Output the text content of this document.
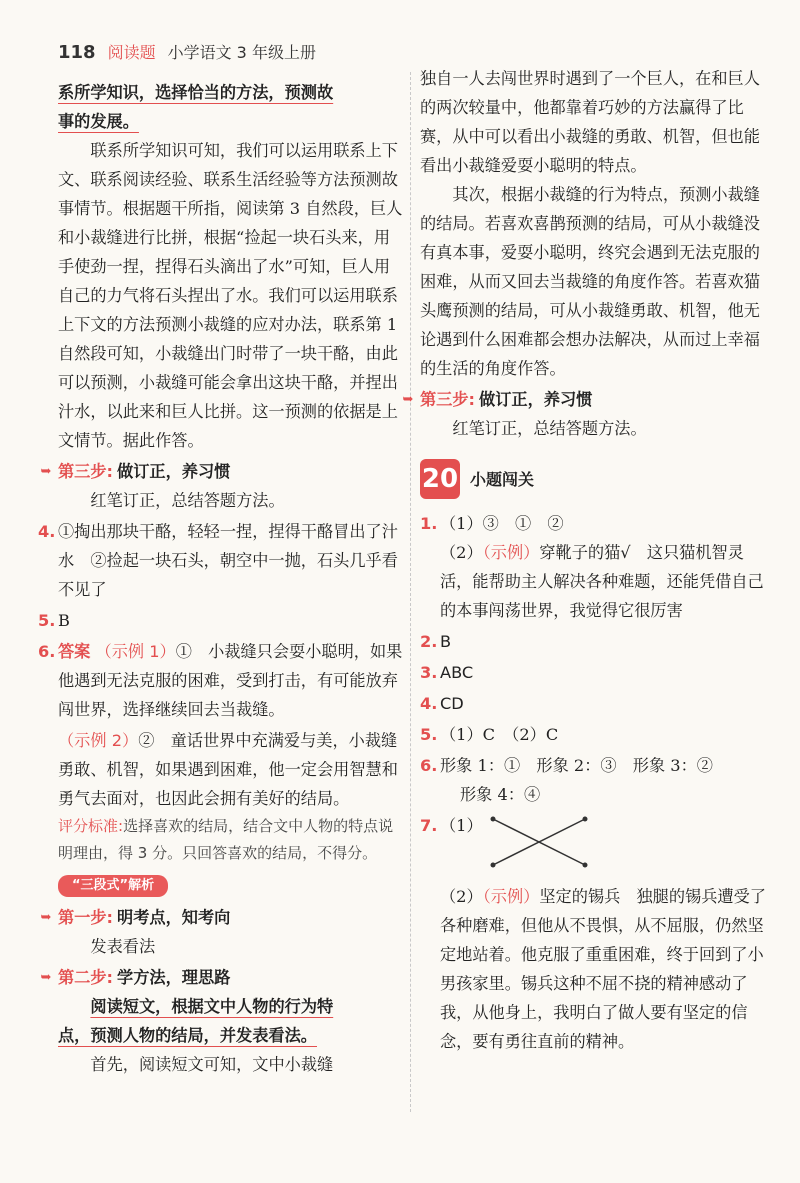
118 阅读题 小学语文 3 年级上册

系所学知识，选择恰当的方法，预测故

事的发展。

联系所学知识可知，我们可以运用联系上下文、联系阅读经验、联系生活经验等方法预测故事情节。根据题干所指，阅读第 3 自然段，巨人和小裁缝进行比拼，根据“捡起一块石头来，用手使劲一捏，捏得石头滴出了水”可知，巨人用自己的力气将石头捏出了水。我们可以运用联系上下文的方法预测小裁缝的应对办法，联系第 1 自然段可知，小裁缝出门时带了一块干酪，由此可以预测，小裁缝可能会拿出这块干酪，并捏出汁水，以此来和巨人比拼。这一预测的依据是上文情节。据此作答。

➥ 第三步: 做订正，养习惯

红笔订正，总结答题方法。

4. ①掏出那块干酪，轻轻一捏，捏得干酪冒出了汁水　②捡起一块石头，朝空中一抛，石头几乎看不见了

5. B

6. 答案 （示例 1）①　小裁缝只会耍小聪明，如果他遇到无法克服的困难，受到打击，有可能放弃闯世界，选择继续回去当裁缝。

（示例 2）②　童话世界中充满爱与美，小裁缝勇敢、机智，如果遇到困难，他一定会用智慧和勇气去面对，也因此会拥有美好的结局。

评分标准:选择喜欢的结局，结合文中人物的特点说明理由，得 3 分。只回答喜欢的结局，不得分。

“三段式”解析
➥ 第一步: 明考点，知考向

发表看法

➥ 第二步: 学方法，理思路

阅读短文，根据文中人物的行为特

点，预测人物的结局，并发表看法。

首先，阅读短文可知，文中小裁缝

独自一人去闯世界时遇到了一个巨人，在和巨人的两次较量中，他都靠着巧妙的方法赢得了比赛，从中可以看出小裁缝的勇敢、机智，但也能看出小裁缝爱耍小聪明的特点。

其次，根据小裁缝的行为特点，预测小裁缝的结局。若喜欢喜鹊预测的结局，可从小裁缝没有真本事，爱耍小聪明，终究会遇到无法克服的困难，从而又回去当裁缝的角度作答。若喜欢猫头鹰预测的结局，可从小裁缝勇敢、机智，他无论遇到什么困难都会想办法解决，从而过上幸福的生活的角度作答。

➥ 第三步: 做订正，养习惯

红笔订正，总结答题方法。

20 小题闯关

1. （1）③　①　②

（2）（示例）穿靴子的猫√　这只猫机智灵活，能帮助主人解决各种难题，还能凭借自己的本事闯荡世界，我觉得它很厉害

2. B

3. ABC

4. CD

5. （1）C　（2）C

6. 形象 1：①　形象 2：③　形象 3：②

形象 4：④

7. （1）

（2）（示例）坚定的锡兵　独腿的锡兵遭受了各种磨难，但他从不畏惧，从不屈服，仍然坚定地站着。他克服了重重困难，终于回到了小男孩家里。锡兵这种不屈不挠的精神感动了我，从他身上，我明白了做人要有坚定的信念，要有勇往直前的精神。
